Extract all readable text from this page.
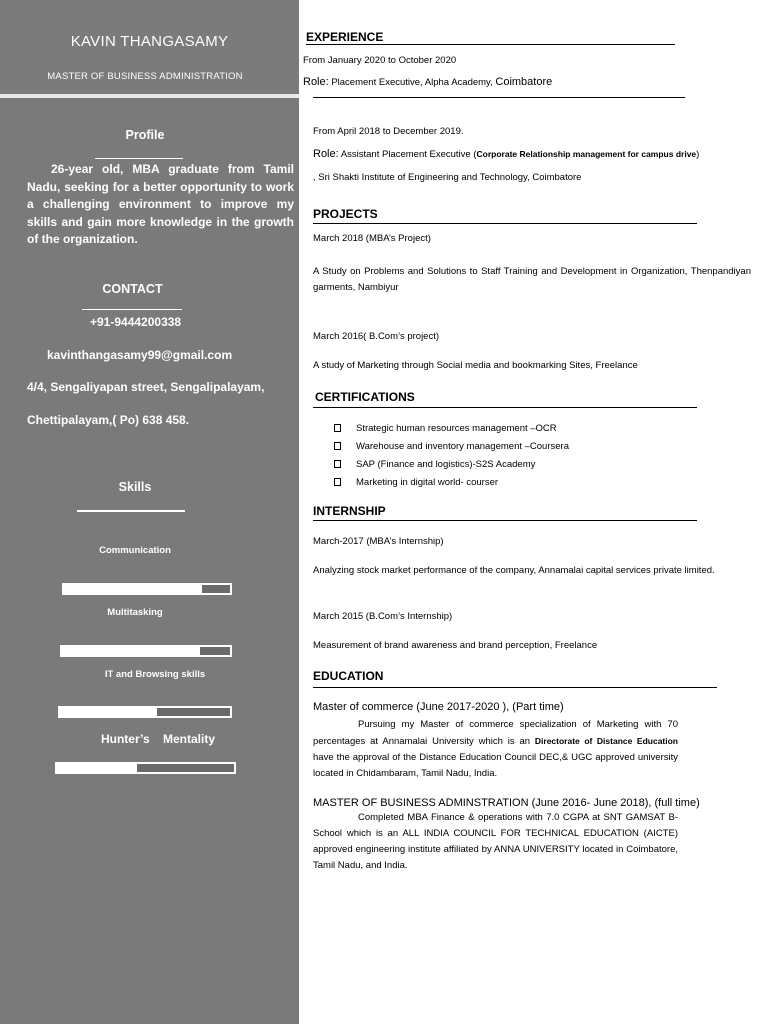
KAVIN THANGASAMY
MASTER OF BUSINESS ADMINISTRATION
Profile
26-year old, MBA graduate from Tamil Nadu, seeking for a better opportunity to work a challenging environment to improve my skills and gain more knowledge in the growth of the organization.
CONTACT
+91-9444200338
kavinthangasamy99@gmail.com
4/4, Sengaliyapan street, Sengalipalayam,
Chettipalayam,( Po) 638 458.
Skills
Communication
Multitasking
IT and Browsing skills
Hunter’s    Mentality
EXPERIENCE
From January 2020 to October 2020
Role: Placement Executive, Alpha Academy, Coimbatore
From April 2018 to December 2019.
Role: Assistant Placement Executive (Corporate Relationship management for campus drive)
, Sri Shakti Institute of Engineering and Technology, Coimbatore
PROJECTS
March 2018 (MBA’s Project)
A Study on Problems and Solutions to Staff Training and Development in Organization, Thenpandiyan garments, Nambiyur
March 2016( B.Com’s project)
A study of Marketing through Social media and bookmarking Sites, Freelance
CERTIFICATIONS
Strategic human resources management –OCR
Warehouse and inventory management –Coursera
SAP (Finance and logistics)-S2S Academy
Marketing in digital world- courser
INTERNSHIP
March-2017 (MBA’s Internship)
Analyzing stock market performance of the company, Annamalai capital services private limited.
March 2015 (B.Com’s Internship)
Measurement of brand awareness and brand perception, Freelance
EDUCATION
Master of commerce (June 2017-2020 ), (Part time)
Pursuing my Master of commerce specialization of Marketing with 70 percentages at Annamalai University which is an Directorate of Distance Education have the approval of the Distance Education Council DEC,& UGC approved university located in Chidambaram, Tamil Nadu, India.
MASTER OF BUSINESS ADMINSTRATION (June 2016- June 2018), (full time)
Completed MBA Finance & operations with 7.0 CGPA at SNT GAMSAT B-School which is an ALL INDIA COUNCIL FOR TECHNICAL EDUCATION (AICTE) approved engineering institute affiliated by ANNA UNIVERSITY located in Coimbatore, Tamil Nadu, and India.
